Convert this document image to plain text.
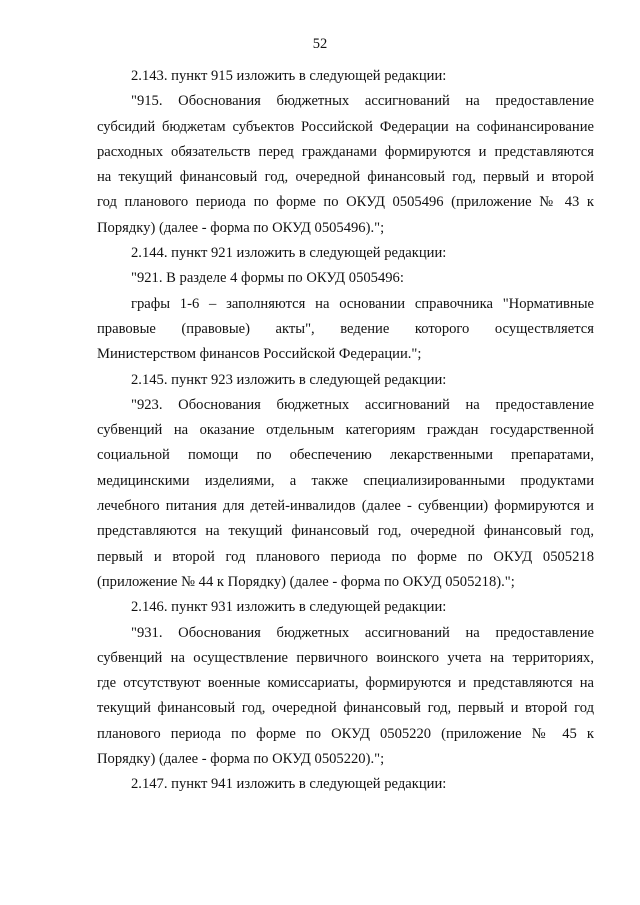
52
2.143. пункт 915 изложить в следующей редакции:
"915. Обоснования бюджетных ассигнований на предоставление
субсидий бюджетам субъектов Российской Федерации на софинансирование
расходных обязательств перед гражданами формируются и представляются
на текущий финансовый год, очередной финансовый год, первый и второй
год планового периода по форме по ОКУД 0505496 (приложение № 43 к
Порядку) (далее - форма по ОКУД 0505496).";
2.144. пункт 921 изложить в следующей редакции:
"921. В разделе 4 формы по ОКУД 0505496:
графы 1-6 – заполняются на основании справочника "Нормативные
правовые (правовые) акты", ведение которого осуществляется
Министерством финансов Российской Федерации.";
2.145. пункт 923 изложить в следующей редакции:
"923. Обоснования бюджетных ассигнований на предоставление
субвенций на оказание отдельным категориям граждан государственной
социальной помощи по обеспечению лекарственными препаратами,
медицинскими изделиями, а также специализированными продуктами
лечебного питания для детей-инвалидов (далее - субвенции) формируются и
представляются на текущий финансовый год, очередной финансовый год,
первый и второй год планового периода по форме по ОКУД 0505218
(приложение № 44 к Порядку) (далее - форма по ОКУД 0505218).";
2.146. пункт 931 изложить в следующей редакции:
"931. Обоснования бюджетных ассигнований на предоставление
субвенций на осуществление первичного воинского учета на территориях,
где отсутствуют военные комиссариаты, формируются и представляются на
текущий финансовый год, очередной финансовый год, первый и второй год
планового периода по форме по ОКУД 0505220 (приложение № 45 к
Порядку) (далее - форма по ОКУД 0505220).";
2.147. пункт 941 изложить в следующей редакции:
